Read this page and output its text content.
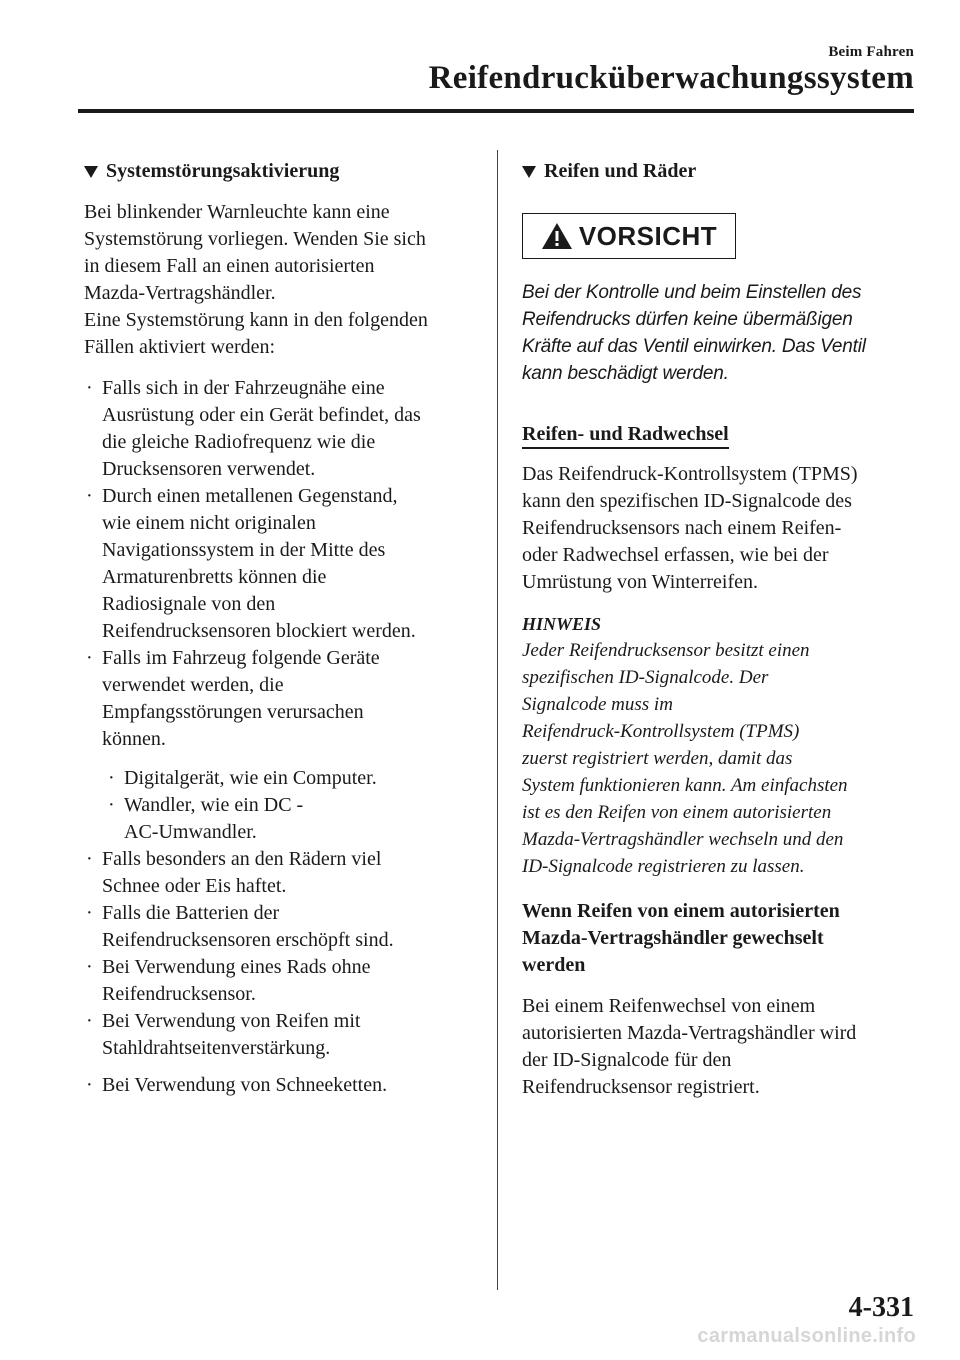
Beim Fahren
Reifendrucküberwachungssystem
Systemstörungsaktivierung
Bei blinkender Warnleuchte kann eine
Systemstörung vorliegen. Wenden Sie sich
in diesem Fall an einen autorisierten
Mazda-Vertragshändler.
Eine Systemstörung kann in den folgenden
Fällen aktiviert werden:
· Falls sich in der Fahrzeugnähe eine
Ausrüstung oder ein Gerät befindet, das
die gleiche Radiofrequenz wie die
Drucksensoren verwendet.
· Durch einen metallenen Gegenstand,
wie einem nicht originalen
Navigationssystem in der Mitte des
Armaturenbretts können die
Radiosignale von den
Reifendrucksensoren blockiert werden.
· Falls im Fahrzeug folgende Geräte
verwendet werden, die
Empfangsstörungen verursachen
können.
· Digitalgerät, wie ein Computer.
· Wandler, wie ein DC -
AC-Umwandler.
· Falls besonders an den Rädern viel
Schnee oder Eis haftet.
· Falls die Batterien der
Reifendrucksensoren erschöpft sind.
· Bei Verwendung eines Rads ohne
Reifendrucksensor.
· Bei Verwendung von Reifen mit
Stahldrahtseitenverstärkung.
· Bei Verwendung von Schneeketten.
Reifen und Räder
VORSICHT
Bei der Kontrolle und beim Einstellen des
Reifendrucks dürfen keine übermäßigen
Kräfte auf das Ventil einwirken. Das Ventil
kann beschädigt werden.
Reifen- und Radwechsel
Das Reifendruck-Kontrollsystem (TPMS)
kann den spezifischen ID-Signalcode des
Reifendrucksensors nach einem Reifen-
oder Radwechsel erfassen, wie bei der
Umrüstung von Winterreifen.
HINWEIS
Jeder Reifendrucksensor besitzt einen
spezifischen ID-Signalcode. Der
Signalcode muss im
Reifendruck-Kontrollsystem (TPMS)
zuerst registriert werden, damit das
System funktionieren kann. Am einfachsten
ist es den Reifen von einem autorisierten
Mazda-Vertragshändler wechseln und den
ID-Signalcode registrieren zu lassen.
Wenn Reifen von einem autorisierten
Mazda-Vertragshändler gewechselt
werden
Bei einem Reifenwechsel von einem
autorisierten Mazda-Vertragshändler wird
der ID-Signalcode für den
Reifendrucksensor registriert.
4-331
carmanualsonline.info
